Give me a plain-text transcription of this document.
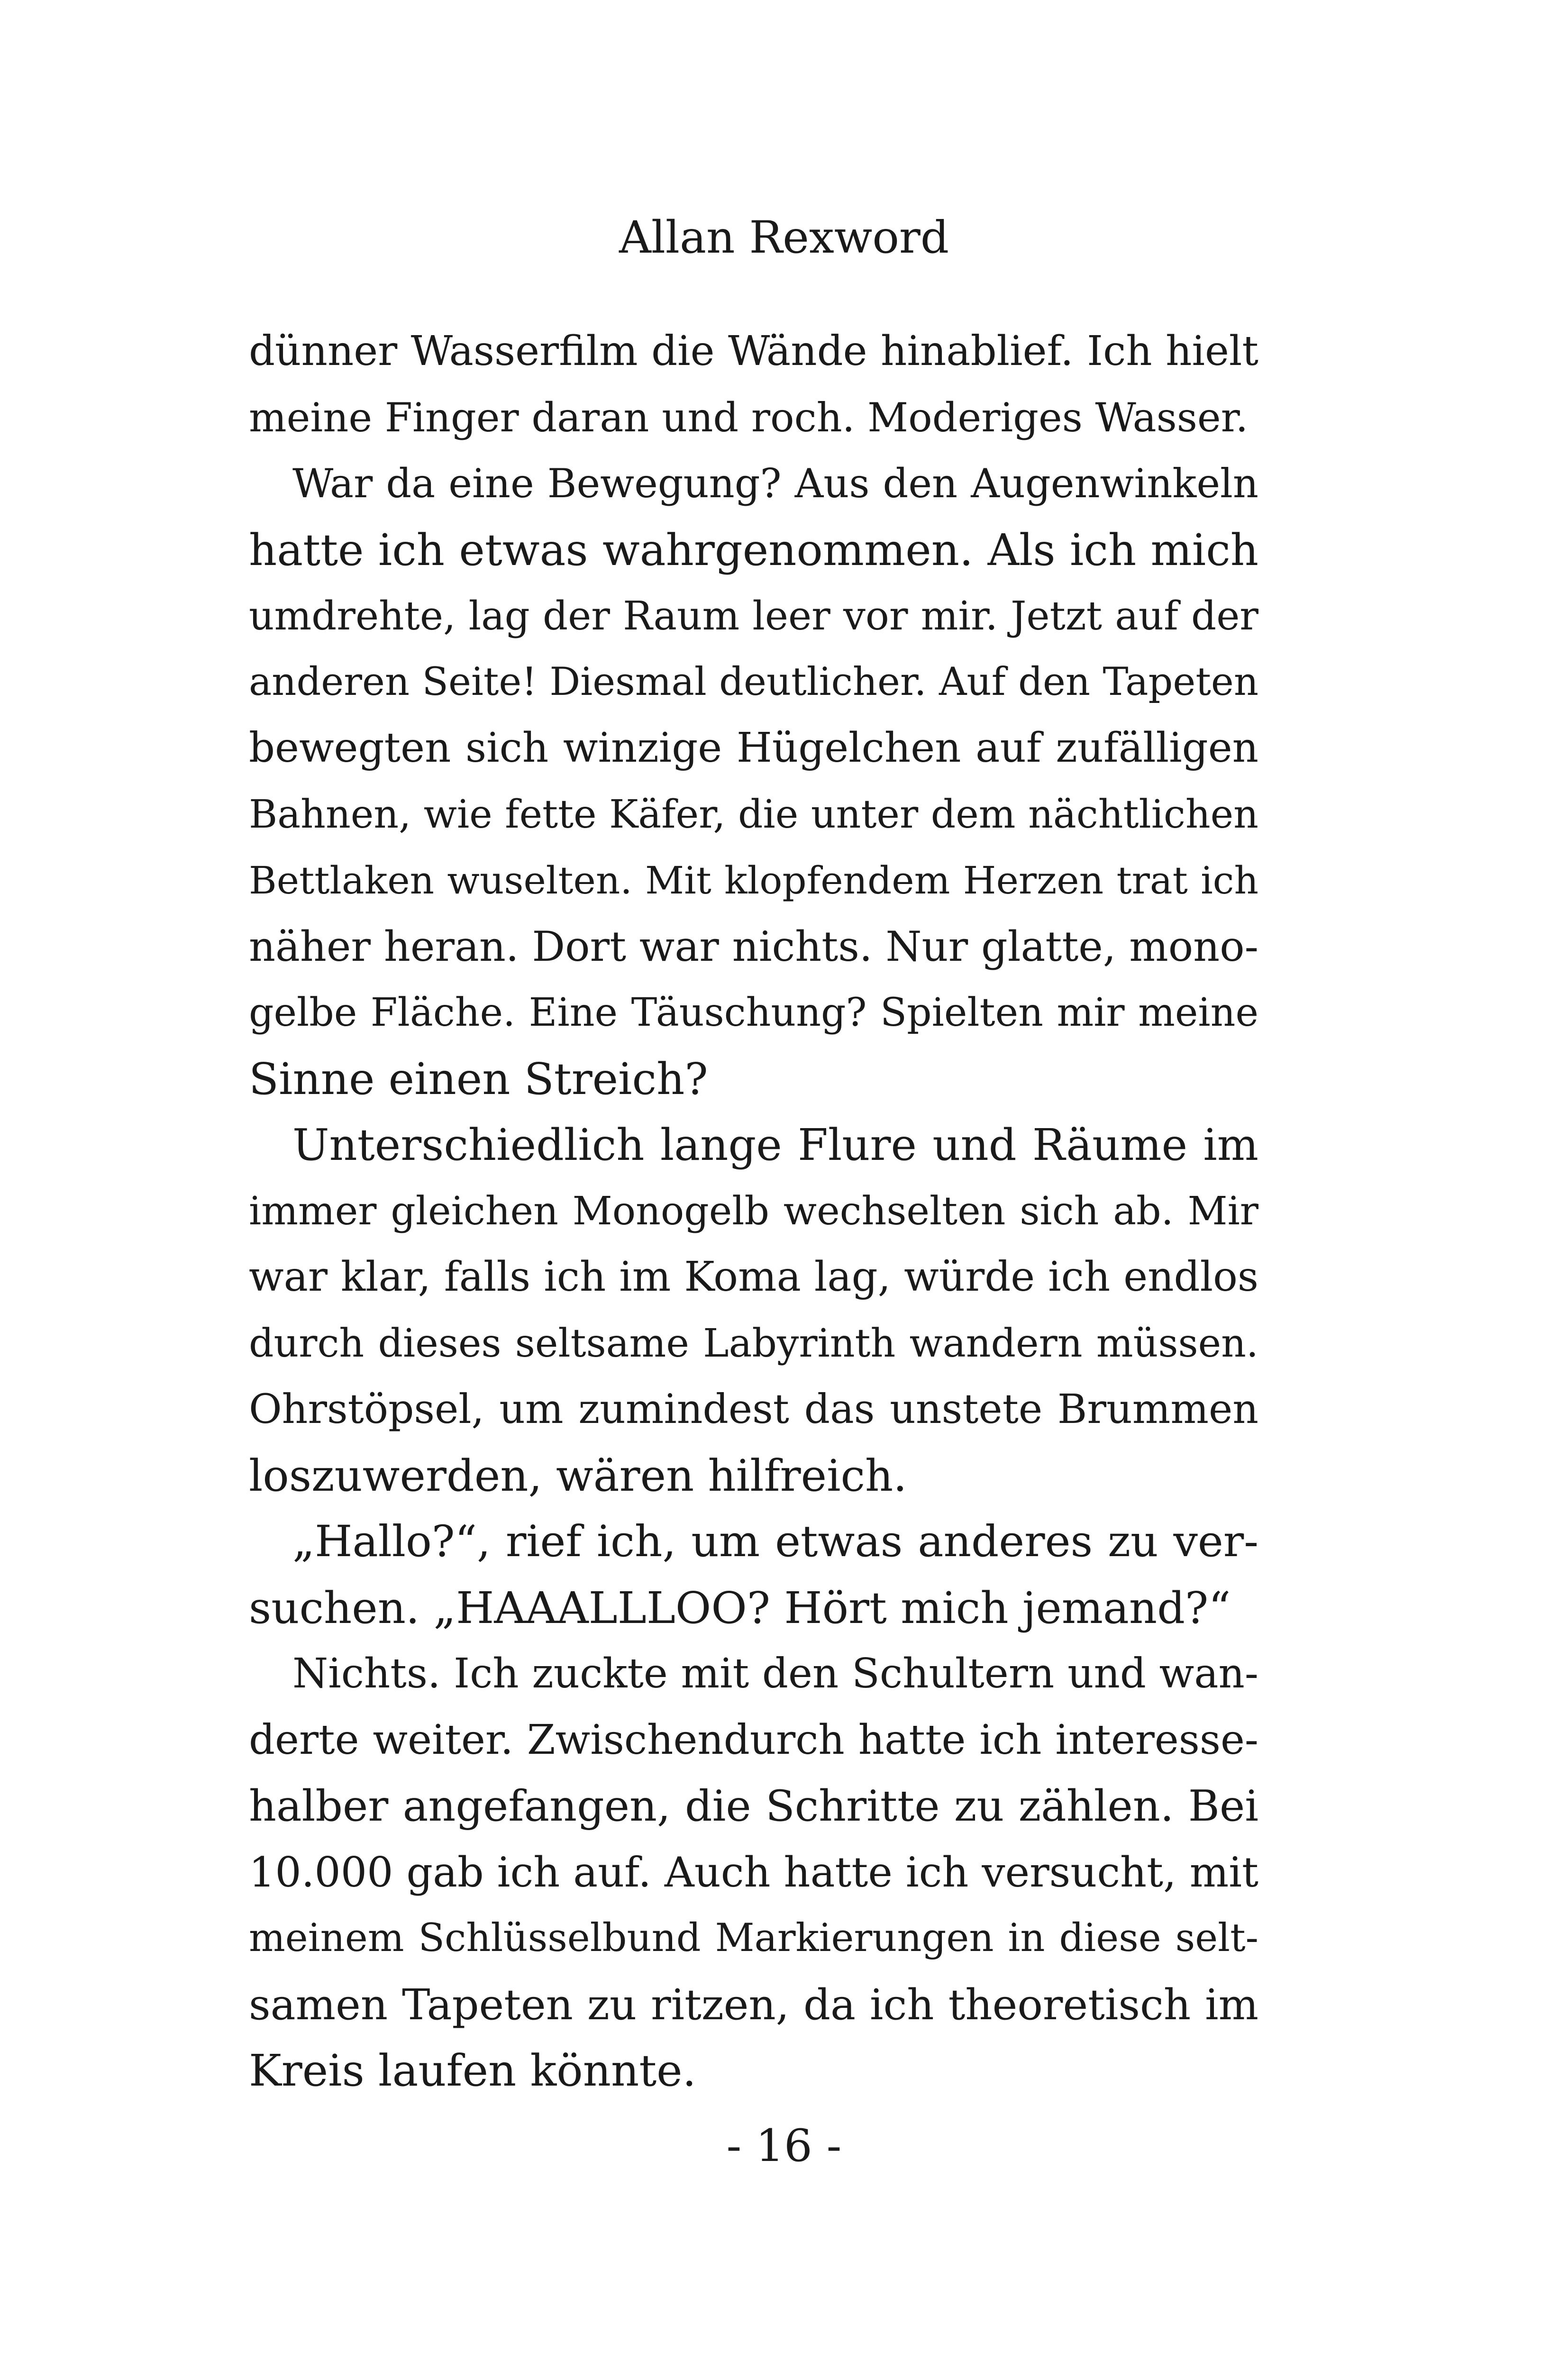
Allan Rexword
dünner Wasserfilm die Wände hinablief. Ich hielt
meine Finger daran und roch. Moderiges Wasser.
War da eine Bewegung? Aus den Augenwinkeln
hatte ich etwas wahrgenommen. Als ich mich
umdrehte, lag der Raum leer vor mir. Jetzt auf der
anderen Seite! Diesmal deutlicher. Auf den Tapeten
bewegten sich winzige Hügelchen auf zufälligen
Bahnen, wie fette Käfer, die unter dem nächtlichen
Bettlaken wuselten. Mit klopfendem Herzen trat ich
näher heran. Dort war nichts. Nur glatte, mono-
gelbe Fläche. Eine Täuschung? Spielten mir meine
Sinne einen Streich?
Unterschiedlich lange Flure und Räume im
immer gleichen Monogelb wechselten sich ab. Mir
war klar, falls ich im Koma lag, würde ich endlos
durch dieses seltsame Labyrinth wandern müssen.
Ohrstöpsel, um zumindest das unstete Brummen
loszuwerden, wären hilfreich.
„Hallo?“, rief ich, um etwas anderes zu ver-
suchen. „HAAALLLOO? Hört mich jemand?“
Nichts. Ich zuckte mit den Schultern und wan-
derte weiter. Zwischendurch hatte ich interesse-
halber angefangen, die Schritte zu zählen. Bei
10.000 gab ich auf. Auch hatte ich versucht, mit
meinem Schlüsselbund Markierungen in diese selt-
samen Tapeten zu ritzen, da ich theoretisch im
Kreis laufen könnte.
- 16 -
